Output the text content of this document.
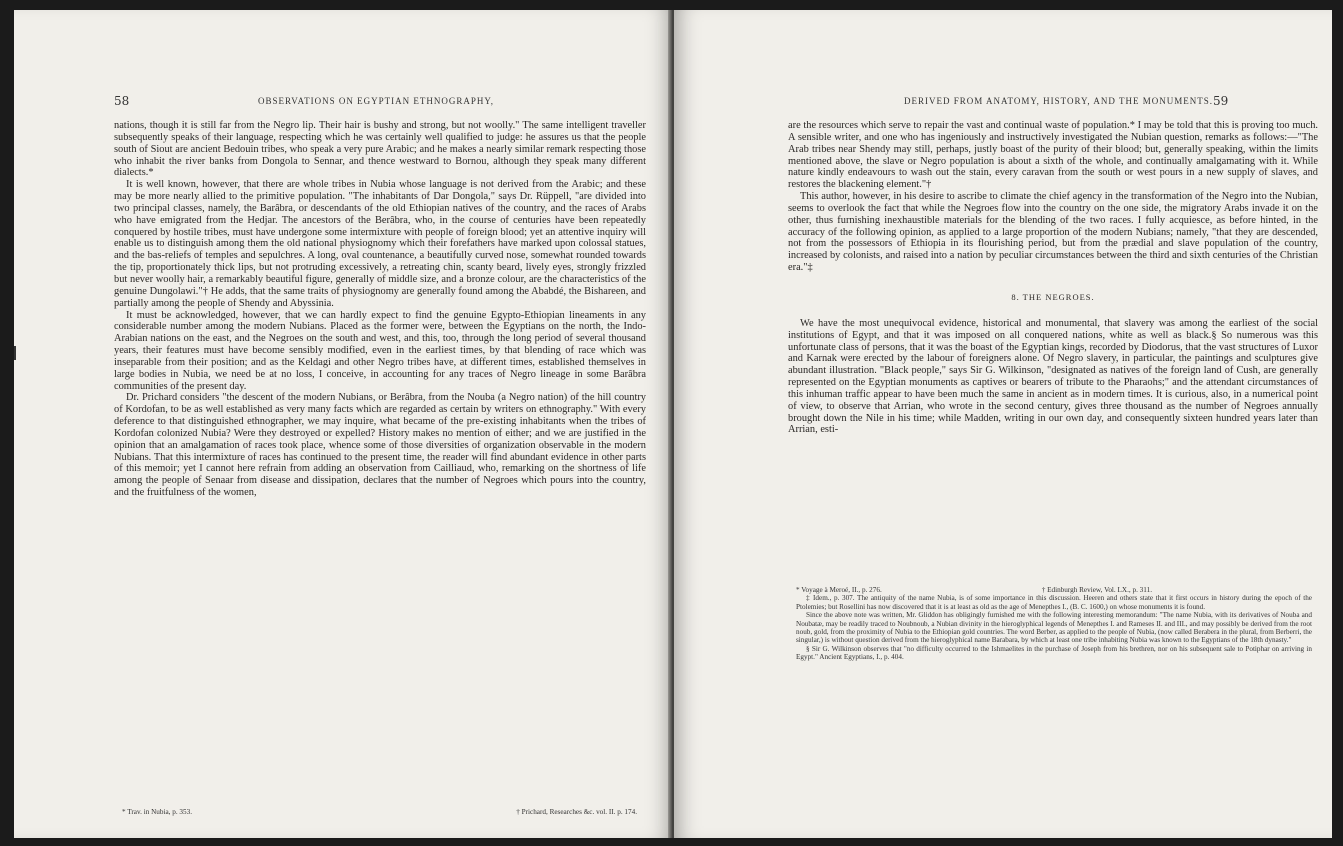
58	OBSERVATIONS ON EGYPTIAN ETHNOGRAPHY,

nations, though it is still far from the Negro lip. Their hair is bushy and strong, but not woolly." The same intelligent traveller subsequently speaks of their language, respecting which he was certainly well qualified to judge: he assures us that the people south of Siout are ancient Bedouin tribes, who speak a very pure Arabic; and he makes a nearly similar remark respecting those who inhabit the river banks from Dongola to Sennar, and thence westward to Bornou, although they speak many different dialects.*

It is well known, however, that there are whole tribes in Nubia whose language is not derived from the Arabic; and these may be more nearly allied to the primitive population. "The inhabitants of Dar Dongola," says Dr. Rüppell, "are divided into two principal classes, namely, the Barâbra, or descendants of the old Ethiopian natives of the country, and the races of Arabs who have emigrated from the Hedjar. The ancestors of the Berâbra, who, in the course of centuries have been repeatedly conquered by hostile tribes, must have undergone some intermixture with people of foreign blood; yet an attentive inquiry will enable us to distinguish among them the old national physiognomy which their forefathers have marked upon colossal statues, and the bas-reliefs of temples and sepulchres. A long, oval countenance, a beautifully curved nose, somewhat rounded towards the tip, proportionately thick lips, but not protruding excessively, a retreating chin, scanty beard, lively eyes, strongly frizzled but never woolly hair, a remarkably beautiful figure, generally of middle size, and a bronze colour, are the characteristics of the genuine Dungolawi."† He adds, that the same traits of physiognomy are generally found among the Ababdé, the Bishareen, and partially among the people of Shendy and Abyssinia.

It must be acknowledged, however, that we can hardly expect to find the genuine Egypto-Ethiopian lineaments in any considerable number among the modern Nubians. Placed as the former were, between the Egyptians on the north, the Indo-Arabian nations on the east, and the Negroes on the south and west, and this, too, through the long period of several thousand years, their features must have become sensibly modified, even in the earliest times, by that blending of race which was inseparable from their position; and as the Keldagi and other Negro tribes have, at different times, established themselves in large bodies in Nubia, we need be at no loss, I conceive, in accounting for any traces of Negro lineage in some Barâbra communities of the present day.

Dr. Prichard considers "the descent of the modern Nubians, or Berâbra, from the Nouba (a Negro nation) of the hill country of Kordofan, to be as well established as very many facts which are regarded as certain by writers on ethnography." With every deference to that distinguished ethnographer, we may inquire, what became of the pre-existing inhabitants when the tribes of Kordofan colonized Nubia? Were they destroyed or expelled? History makes no mention of either; and we are justified in the opinion that an amalgamation of races took place, whence some of those diversities of organization observable in the modern Nubians. That this intermixture of races has continued to the present time, the reader will find abundant evidence in other parts of this memoir; yet I cannot here refrain from adding an observation from Cailliaud, who, remarking on the shortness of life among the people of Senaar from disease and dissipation, declares that the number of Negroes which pours into the country, and the fruitfulness of the women,

* Trav. in Nubia, p. 353.	† Prichard, Researches &c. vol. II. p. 174.
DERIVED FROM ANATOMY, HISTORY, AND THE MONUMENTS. 59

are the resources which serve to repair the vast and continual waste of population.* I may be told that this is proving too much. A sensible writer, and one who has ingeniously and instructively investigated the Nubian question, remarks as follows:—"The Arab tribes near Shendy may still, perhaps, justly boast of the purity of their blood; but, generally speaking, within the limits mentioned above, the slave or Negro population is about a sixth of the whole, and continually amalgamating with it. While nature kindly endeavours to wash out the stain, every caravan from the south or west pours in a new supply of slaves, and restores the blackening element."†

This author, however, in his desire to ascribe to climate the chief agency in the transformation of the Negro into the Nubian, seems to overlook the fact that while the Negroes flow into the country on the one side, the migratory Arabs invade it on the other, thus furnishing inexhaustible materials for the blending of the two races. I fully acquiesce, as before hinted, in the accuracy of the following opinion, as applied to a large proportion of the modern Nubians; namely, "that they are descended, not from the possessors of Ethiopia in its flourishing period, but from the prædial and slave population of the country, increased by colonists, and raised into a nation by peculiar circumstances between the third and sixth centuries of the Christian era."‡

8. THE NEGROES.

We have the most unequivocal evidence, historical and monumental, that slavery was among the earliest of the social institutions of Egypt, and that it was imposed on all conquered nations, white as well as black.§ So numerous was this unfortunate class of persons, that it was the boast of the Egyptian kings, recorded by Diodorus, that the vast structures of Luxor and Karnak were erected by the labour of foreigners alone. Of Negro slavery, in particular, the paintings and sculptures give abundant illustration. "Black people," says Sir G. Wilkinson, "designated as natives of the foreign land of Cush, are generally represented on the Egyptian monuments as captives or bearers of tribute to the Pharaohs;" and the attendant circumstances of this inhuman traffic appear to have been much the same in ancient as in modern times. It is curious, also, in a numerical point of view, to observe that Arrian, who wrote in the second century, gives three thousand as the number of Negroes annually brought down the Nile in his time; while Madden, writing in our own day, and consequently sixteen hundred years later than Arrian, esti-

* Voyage à Meroé, II., p. 276.	† Edinburgh Review, Vol. LX., p. 311.

‡ Idem., p. 307. The antiquity of the name Nubia, is of some importance in this discussion. Heeren and others state that it first occurs in history during the epoch of the Ptolemies; but Rosellini has now discovered that it is at least as old as the age of Menepthes I., (B. C. 1600,) on whose monuments it is found.

Since the above note was written, Mr. Gliddon has obligingly furnished me with the following interesting memorandum: "The name Nubia, with its derivatives of Nouba and Noubatæ, may be readily traced to Noubnoub, a Nubian divinity in the hieroglyphical legends of Menepthes I. and Rameses II. and III., and may possibly be derived from the root noub, gold, from the proximity of Nubia to the Ethiopian gold countries. The word Berber, as applied to the people of Nubia, (now called Berabera in the plural, from Berberri, the singular,) is without question derived from the hieroglyphical name Barabara, by which at least one tribe inhabiting Nubia was known to the Egyptians of the 18th dynasty."

§ Sir G. Wilkinson observes that "no difficulty occurred to the Ishmaelites in the purchase of Joseph from his brethren, nor on his subsequent sale to Potiphar on arriving in Egypt." Ancient Egyptians, I., p. 404.
